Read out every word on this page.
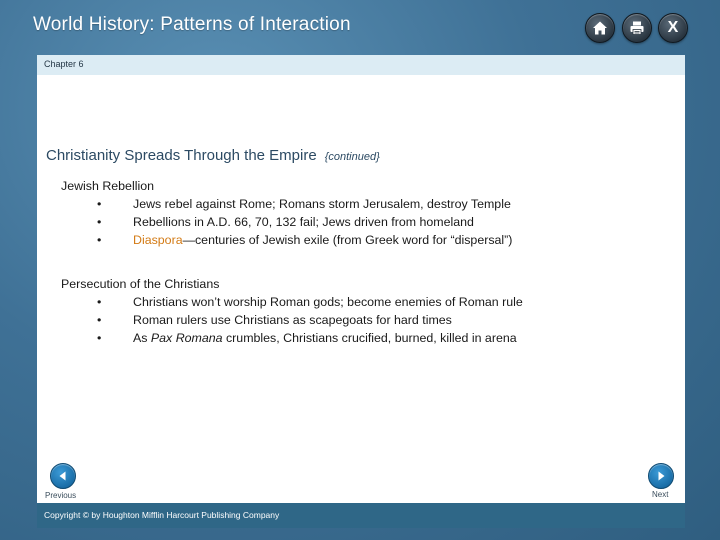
World History: Patterns of Interaction	X
Chapter 6
Christianity Spreads Through the Empire {continued}
Jewish Rebellion
•	Jews rebel against Rome; Romans storm Jerusalem, destroy Temple
•	Rebellions in A.D. 66, 70, 132 fail; Jews driven from homeland
•	Diaspora—centuries of Jewish exile (from Greek word for “dispersal”)
Persecution of the Christians
•	Christians won’t worship Roman gods; become enemies of Roman rule
•	Roman rulers use Christians as scapegoats for hard times
•	As Pax Romana crumbles, Christians crucified, burned, killed in arena
Previous	Next
Copyright © by Houghton Mifflin Harcourt Publishing Company
